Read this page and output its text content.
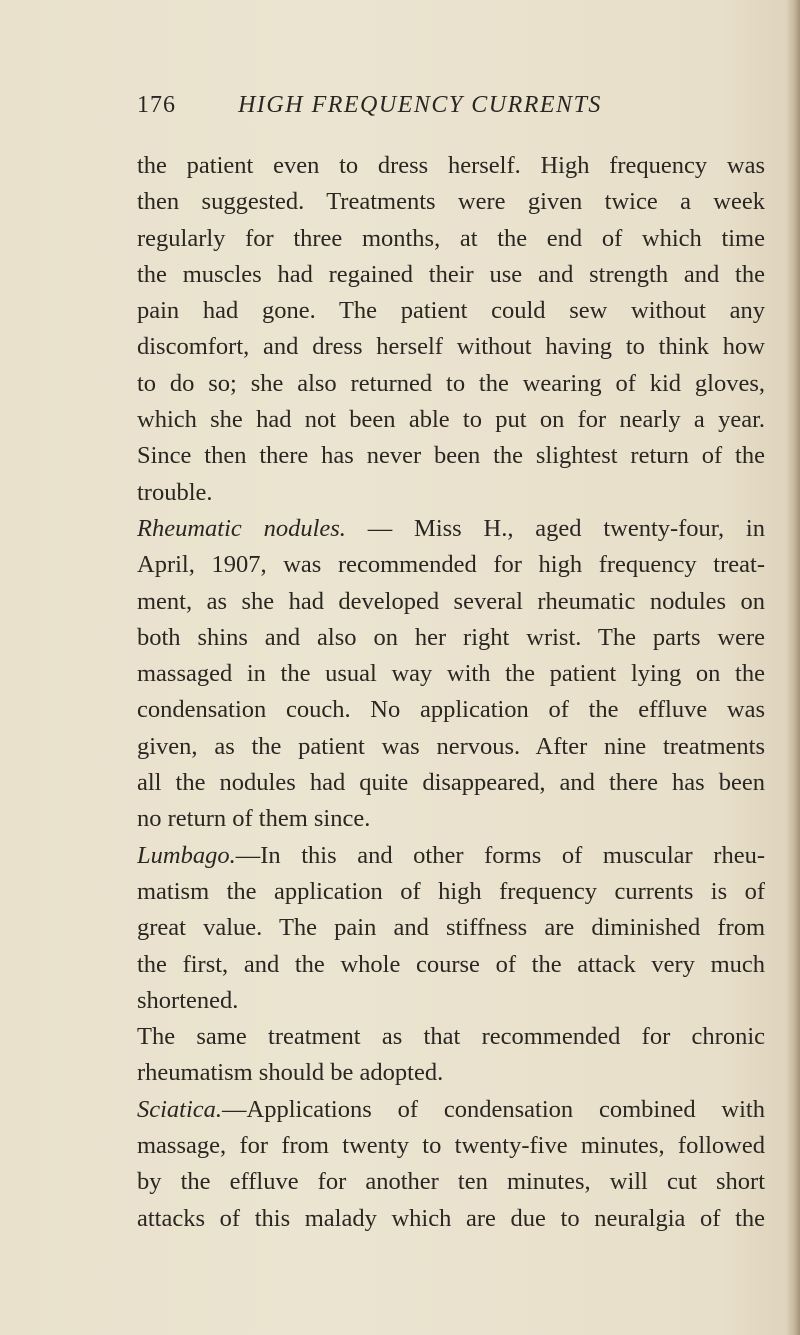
176	HIGH FREQUENCY CURRENTS
the patient even to dress herself. High frequency was
then suggested. Treatments were given twice a week
regularly for three months, at the end of which time
the muscles had regained their use and strength and the
pain had gone. The patient could sew without any
discomfort, and dress herself without having to think how
to do so; she also returned to the wearing of kid gloves,
which she had not been able to put on for nearly a year.
Since then there has never been the slightest return of the
trouble.
Rheumatic nodules. — Miss H., aged twenty-four, in
April, 1907, was recommended for high frequency treat-
ment, as she had developed several rheumatic nodules on
both shins and also on her right wrist. The parts were
massaged in the usual way with the patient lying on the
condensation couch. No application of the effluve was
given, as the patient was nervous. After nine treatments
all the nodules had quite disappeared, and there has been
no return of them since.
Lumbago.—In this and other forms of muscular rheu-
matism the application of high frequency currents is of
great value. The pain and stiffness are diminished from
the first, and the whole course of the attack very much
shortened.
The same treatment as that recommended for chronic
rheumatism should be adopted.
Sciatica.—Applications of condensation combined with
massage, for from twenty to twenty-five minutes, followed
by the effluve for another ten minutes, will cut short
attacks of this malady which are due to neuralgia of the
